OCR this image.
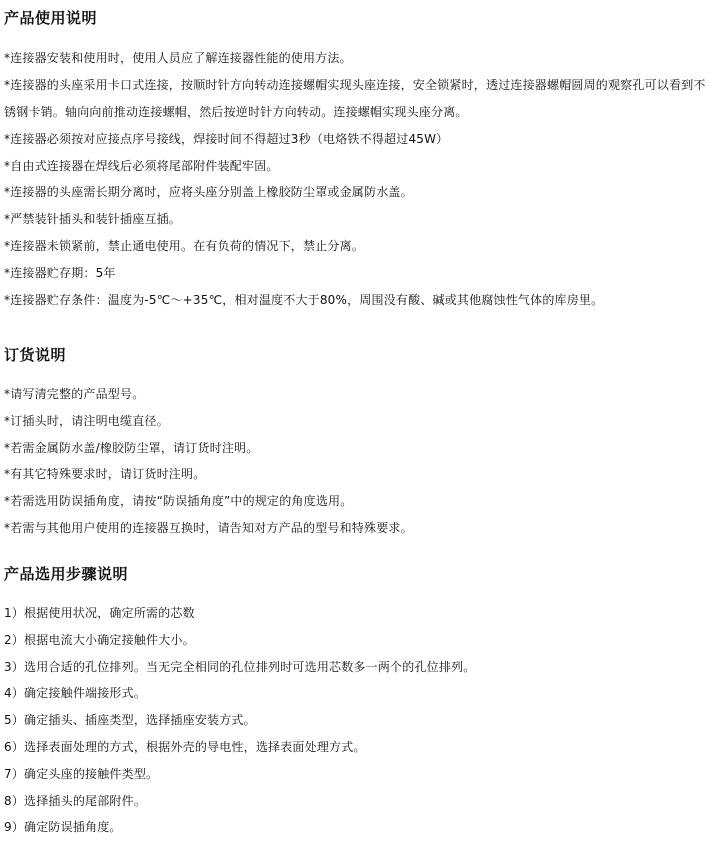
产品使用说明
*连接器安装和使用时，使用人员应了解连接器性能的使用方法。
*连接器的头座采用卡口式连接，按顺时针方向转动连接螺帽实现头座连接，安全锁紧时，透过连接器螺帽圆周的观察孔可以看到不锈钢卡销。轴向向前推动连接螺帽，然后按逆时针方向转动。连接螺帽实现头座分离。
*连接器必须按对应接点序号接线，焊接时间不得超过3秒（电烙铁不得超过45W）
*自由式连接器在焊线后必须将尾部附件装配牢固。
*连接器的头座需长期分离时，应将头座分别盖上橡胶防尘罩或金属防水盖。
*严禁装针插头和装针插座互插。
*连接器未锁紧前，禁止通电使用。在有负荷的情况下，禁止分离。
*连接器贮存期：5年
*连接器贮存条件：温度为-5℃～+35℃，相对温度不大于80%，周围没有酸、碱或其他腐蚀性气体的库房里。
订货说明
*请写清完整的产品型号。
*订插头时，请注明电缆直径。
*若需金属防水盖/橡胶防尘罩，请订货时注明。
*有其它特殊要求时，请订货时注明。
*若需选用防误插角度，请按“防误插角度”中的规定的角度选用。
*若需与其他用户使用的连接器互换时，请告知对方产品的型号和特殊要求。
产品选用步骤说明
1）根据使用状况，确定所需的芯数
2）根据电流大小确定接触件大小。
3）选用合适的孔位排列。当无完全相同的孔位排列时可选用芯数多一两个的孔位排列。
4）确定接触件端接形式。
5）确定插头、插座类型，选择插座安装方式。
6）选择表面处理的方式，根据外壳的导电性，选择表面处理方式。
7）确定头座的接触件类型。
8）选择插头的尾部附件。
9）确定防误插角度。
